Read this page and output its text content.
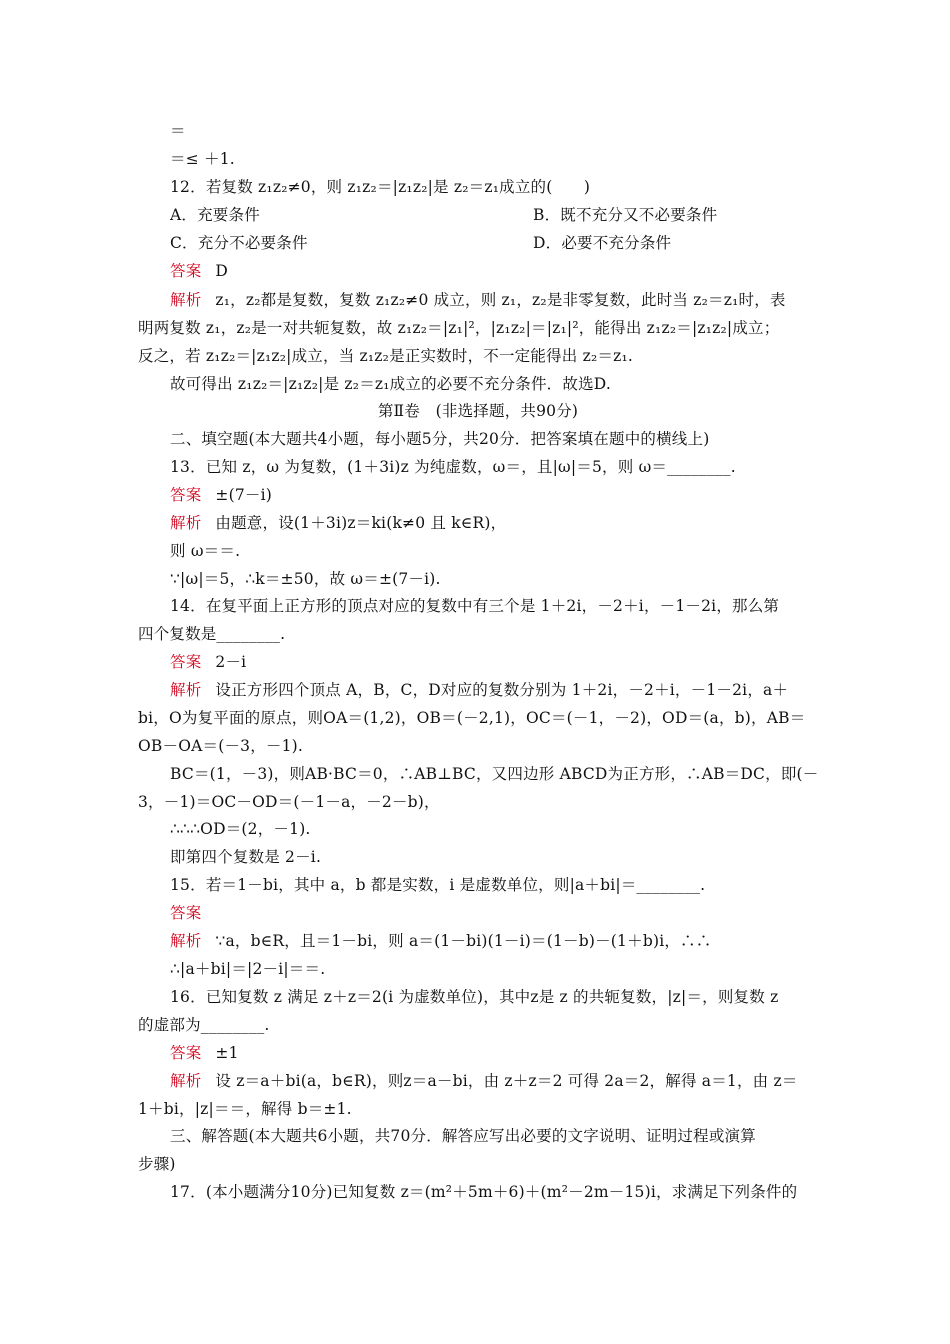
＝
＝≤ ＋1.
12．若复数 z₁z₂≠0，则 z₁z₂＝|z₁z₂|是 z₂＝z₁成立的(　　)
A．充要条件	B．既不充分又不必要条件
C．充分不必要条件	D．必要不充分条件
答案 D
解析 z₁，z₂都是复数，复数 z₁z₂≠0 成立，则 z₁，z₂是非零复数，此时当 z₂＝z₁时，表
明两复数 z₁，z₂是一对共轭复数，故 z₁z₂＝|z₁|²，|z₁z₂|＝|z₁|²，能得出 z₁z₂＝|z₁z₂|成立；
反之，若 z₁z₂＝|z₁z₂|成立，当 z₁z₂是正实数时，不一定能得出 z₂＝z₁.
故可得出 z₁z₂＝|z₁z₂|是 z₂＝z₁成立的必要不充分条件．故选D.
第Ⅱ卷　(非选择题，共90分)
二、填空题(本大题共4小题，每小题5分，共20分．把答案填在题中的横线上)
13．已知 z，ω 为复数，(1＋3i)z 为纯虚数，ω＝，且|ω|＝5，则 ω＝________.
答案 ±(7－i)
解析 由题意，设(1＋3i)z＝ki(k≠0 且 k∈R)，
则 ω＝＝.
∵|ω|＝5，∴k＝±50，故 ω＝±(7－i).
14．在复平面上正方形的顶点对应的复数中有三个是 1＋2i，－2＋i，－1－2i，那么第
四个复数是________.
答案 2－i
解析 设正方形四个顶点 A，B，C，D对应的复数分别为 1＋2i，－2＋i，－1－2i，a＋
bi，O为复平面的原点，则OA＝(1,2)，OB＝(－2,1)，OC＝(－1，－2)，OD＝(a，b)，AB＝
OB－OA＝(－3，－1).
BC＝(1，－3)，则AB·BC＝0，∴AB⊥BC，又四边形 ABCD为正方形，∴AB＝DC，即(－
3，－1)＝OC－OD＝(－1－a，－2－b)，
∴∴∴OD＝(2，－1).
即第四个复数是 2－i.
15．若＝1－bi，其中 a，b 都是实数，i 是虚数单位，则|a＋bi|＝________.
答案
解析 ∵a，b∈R，且＝1－bi，则 a＝(1－bi)(1－i)＝(1－b)－(1＋b)i，∴∴
∴|a＋bi|＝|2－i|＝＝.
16．已知复数 z 满足 z＋z＝2(i 为虚数单位)，其中z是 z 的共轭复数，|z|＝，则复数 z
的虚部为________.
答案 ±1
解析 设 z＝a＋bi(a，b∈R)，则z＝a－bi，由 z＋z＝2 可得 2a＝2，解得 a＝1，由 z＝
1＋bi，|z|＝＝，解得 b＝±1.
三、解答题(本大题共6小题，共70分．解答应写出必要的文字说明、证明过程或演算
步骤)
17．(本小题满分10分)已知复数 z＝(m²＋5m＋6)＋(m²－2m－15)i，求满足下列条件的
